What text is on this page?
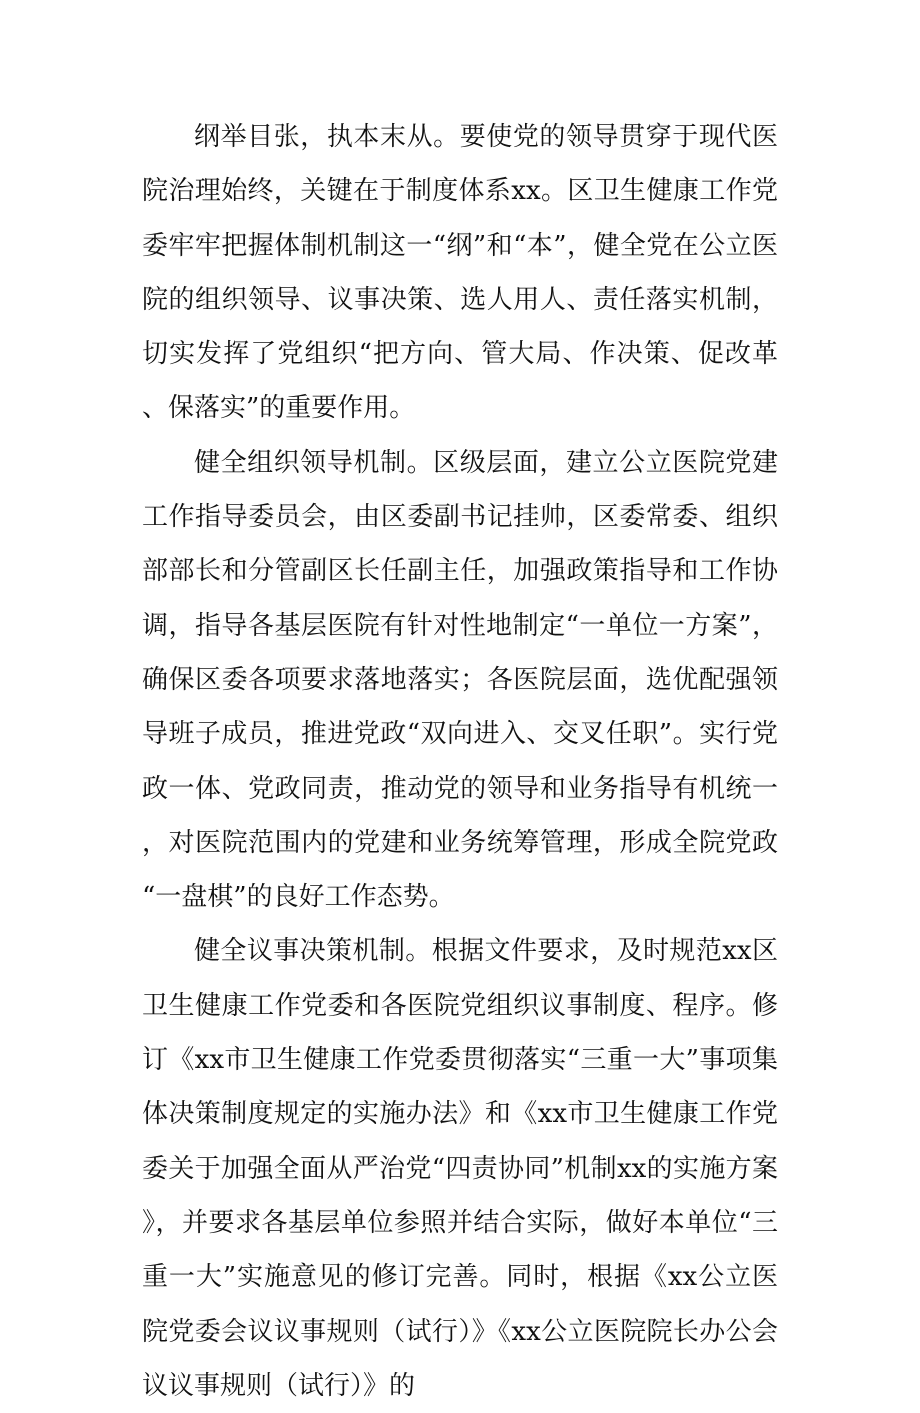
纲举目张，执本末从。要使党的领导贯穿于现代医院治理始终，关键在于制度体系xx。区卫生健康工作党委牢牢把握体制机制这一“纲”和“本”，健全党在公立医院的组织领导、议事决策、选人用人、责任落实机制，切实发挥了党组织“把方向、管大局、作决策、促改革、保落实”的重要作用。

健全组织领导机制。区级层面，建立公立医院党建工作指导委员会，由区委副书记挂帅，区委常委、组织部部长和分管副区长任副主任，加强政策指导和工作协调，指导各基层医院有针对性地制定“一单位一方案”，确保区委各项要求落地落实；各医院层面，选优配强领导班子成员，推进党政“双向进入、交叉任职”。实行党政一体、党政同责，推动党的领导和业务指导有机统一，对医院范围内的党建和业务统筹管理，形成全院党政“一盘棋”的良好工作态势。

健全议事决策机制。根据文件要求，及时规范xx区卫生健康工作党委和各医院党组织议事制度、程序。修订《xx市卫生健康工作党委贯彻落实“三重一大”事项集体决策制度规定的实施办法》和《xx市卫生健康工作党委关于加强全面从严治党“四责协同”机制xx的实施方案》，并要求各基层单位参照并结合实际，做好本单位“三重一大”实施意见的修订完善。同时，根据《xx公立医院党委会议议事规则（试行）》《xx公立医院院长办公会议议事规则（试行）》的
